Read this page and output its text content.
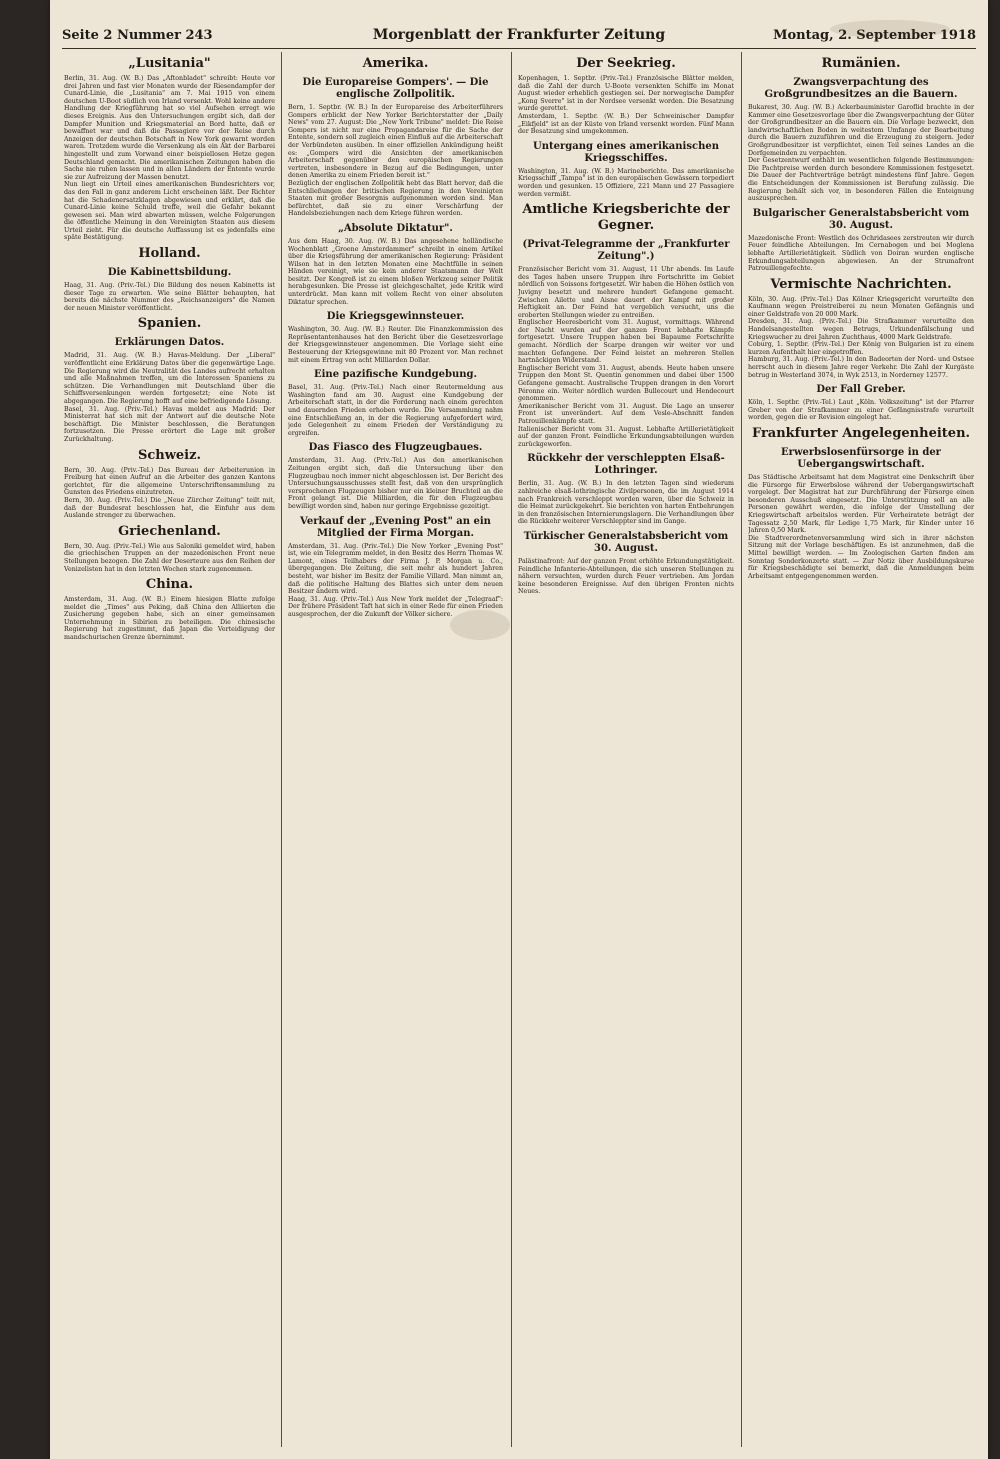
Seite 2 Nummer 243	Morgenblatt der Frankfurter Zeitung	Montag, 2. September 1918
„Lusitania"

Berlin, 31. Aug. (W. B.) Das „Aftonbladet" schreibt: Heute vor drei Jahren und fast vier Monaten wurde der Riesendampfer der Cunard-Linie, die „Lusitania" am 7. Mai 1915 von einem deutschen U-Boot südlich von Irland versenkt. Wohl keine andere Handlung der Kriegführung hat so viel Aufsehen erregt wie dieses Ereignis. Aus den Untersuchungen ergibt sich, daß der Dampfer Munition und Kriegsmaterial an Bord hatte, daß er bewaffnet war und daß die Passagiere vor der Reise durch Anzeigen der deutschen Botschaft in New York gewarnt worden waren. Trotzdem wurde die Versenkung als ein Akt der Barbarei hingestellt und zum Vorwand einer beispiellosen Hetze gegen Deutschland gemacht. Die amerikanischen Zeitungen haben die Sache nie ruhen lassen und in allen Ländern der Entente wurde sie zur Aufreizung der Massen benutzt.

Nun liegt ein Urteil eines amerikanischen Bundesrichters vor, das den Fall in ganz anderem Licht erscheinen läßt. Der Richter hat die Schadenersatzklagen abgewiesen und erklärt, daß die Cunard-Linie keine Schuld treffe, weil die Gefahr bekannt gewesen sei. Man wird abwarten müssen, welche Folgerungen die öffentliche Meinung in den Vereinigten Staaten aus diesem Urteil zieht. Für die deutsche Auffassung ist es jedenfalls eine späte Bestätigung.

Holland.
Die Kabinettsbildung.

Haag, 31. Aug. (Priv.-Tel.) Die Bildung des neuen Kabinetts ist dieser Tage zu erwarten. Wie seine Blätter behaupten, hat bereits die nächste Nummer des „Reichsanzeigers" die Namen der neuen Minister veröffentlicht.

Spanien.
Erklärungen Datos.

Madrid, 31. Aug. (W. B.) Havas-Meldung. Der „Liberal" veröffentlicht eine Erklärung Datos über die gegenwärtige Lage. Die Regierung wird die Neutralität des Landes aufrecht erhalten und alle Maßnahmen treffen, um die Interessen Spaniens zu schützen. Die Verhandlungen mit Deutschland über die Schiffsversenkungen werden fortgesetzt; eine Note ist abgegangen. Die Regierung hofft auf eine befriedigende Lösung.

Basel, 31. Aug. (Priv.-Tel.) Havas meldet aus Madrid: Der Ministerrat hat sich mit der Antwort auf die deutsche Note beschäftigt. Die Minister beschlossen, die Beratungen fortzusetzen. Die Presse erörtert die Lage mit großer Zurückhaltung.

Schweiz.

Bern, 30. Aug. (Priv.-Tel.) Das Bureau der Arbeiterunion in Freiburg hat einen Aufruf an die Arbeiter des ganzen Kantons gerichtet, für die allgemeine Unterschriftensammlung zu Gunsten des Friedens einzutreten.

Bern, 30. Aug. (Priv.-Tel.) Die „Neue Zürcher Zeitung" teilt mit, daß der Bundesrat beschlossen hat, die Einfuhr aus dem Auslande strenger zu überwachen.

Griechenland.

Bern, 30. Aug. (Priv.-Tel.) Wie aus Saloniki gemeldet wird, haben die griechischen Truppen an der mazedonischen Front neue Stellungen bezogen. Die Zahl der Deserteure aus den Reihen der Venizelisten hat in den letzten Wochen stark zugenommen.

China.

Amsterdam, 31. Aug. (W. B.) Einem hiesigen Blatte zufolge meldet die „Times" aus Peking, daß China den Alliierten die Zusicherung gegeben habe, sich an einer gemeinsamen Unternehmung in Sibirien zu beteiligen. Die chinesische Regierung hat zugestimmt, daß Japan die Verteidigung der mandschurischen Grenze übernimmt.

Amerika.
Die Europareise Gompers'. — Die englische Zollpolitik.

Bern, 1. Septbr. (W. B.) In der Europareise des Arbeiterführers Gompers erblickt der New Yorker Berichterstatter der „Daily News" vom 27. August: Die „New York Tribune" meldet: Die Reise Gompers ist nicht nur eine Propagandareise für die Sache der Entente, sondern soll zugleich einen Einfluß auf die Arbeiterschaft der Verbündeten ausüben. In einer offiziellen Ankündigung heißt es: „Gompers wird die Ansichten der amerikanischen Arbeiterschaft gegenüber den europäischen Regierungen vertreten, insbesondere in Bezug auf die Bedingungen, unter denen Amerika zu einem Frieden bereit ist."

Bezüglich der englischen Zollpolitik hebt das Blatt hervor, daß die Entschließungen der britischen Regierung in den Vereinigten Staaten mit großer Besorgnis aufgenommen worden sind. Man befürchtet, daß sie zu einer Verschärfung der Handelsbeziehungen nach dem Kriege führen werden.

„Absolute Diktatur".

Aus dem Haag, 30. Aug. (W. B.) Das angesehene holländische Wochenblatt „Groene Amsterdammer" schreibt in einem Artikel über die Kriegsführung der amerikanischen Regierung: Präsident Wilson hat in den letzten Monaten eine Machtfülle in seinen Händen vereinigt, wie sie kein anderer Staatsmann der Welt besitzt. Der Kongreß ist zu einem bloßen Werkzeug seiner Politik herabgesunken. Die Presse ist gleichgeschaltet, jede Kritik wird unterdrückt. Man kann mit vollem Recht von einer absoluten Diktatur sprechen.

Die Kriegsgewinnsteuer.

Washington, 30. Aug. (W. B.) Reuter. Die Finanzkommission des Repräsentantenhauses hat den Bericht über die Gesetzesvorlage der Kriegsgewinnsteuer angenommen. Die Vorlage sieht eine Besteuerung der Kriegsgewinne mit 80 Prozent vor. Man rechnet mit einem Ertrag von acht Milliarden Dollar.

Eine pazifische Kundgebung.

Basel, 31. Aug. (Priv.-Tel.) Nach einer Reutermeldung aus Washington fand am 30. August eine Kundgebung der Arbeiterschaft statt, in der die Forderung nach einem gerechten und dauernden Frieden erhoben wurde. Die Versammlung nahm eine Entschließung an, in der die Regierung aufgefordert wird, jede Gelegenheit zu einem Frieden der Verständigung zu ergreifen.

Das Fiasco des Flugzeugbaues.

Amsterdam, 31. Aug. (Priv.-Tel.) Aus den amerikanischen Zeitungen ergibt sich, daß die Untersuchung über den Flugzeugbau noch immer nicht abgeschlossen ist. Der Bericht des Untersuchungsausschusses stellt fest, daß von den ursprünglich versprochenen Flugzeugen bisher nur ein kleiner Bruchteil an die Front gelangt ist. Die Milliarden, die für den Flugzeugbau bewilligt worden sind, haben nur geringe Ergebnisse gezeitigt.

Verkauf der „Evening Post" an ein Mitglied der Firma Morgan.

Amsterdam, 31. Aug. (Priv.-Tel.) Die New Yorker „Evening Post" ist, wie ein Telegramm meldet, in den Besitz des Herrn Thomas W. Lamont, eines Teilhabers der Firma J. P. Morgan u. Co., übergegangen. Die Zeitung, die seit mehr als hundert Jahren besteht, war bisher im Besitz der Familie Villard. Man nimmt an, daß die politische Haltung des Blattes sich unter dem neuen Besitzer ändern wird.

Haag, 31. Aug. (Priv.-Tel.) Aus New York meldet der „Telegraaf": Der frühere Präsident Taft hat sich in einer Rede für einen Frieden ausgesprochen, der die Zukunft der Völker sichere.

Der Seekrieg.

Kopenhagen, 1. Septbr. (Priv.-Tel.) Französische Blätter melden, daß die Zahl der durch U-Boote versenkten Schiffe im Monat August wieder erheblich gestiegen sei. Der norwegische Dampfer „Kong Sverre" ist in der Nordsee versenkt worden. Die Besatzung wurde gerettet.

Amsterdam, 1. Septbr. (W. B.) Der Schweinischer Dampfer „Eikfjeld" ist an der Küste von Irland versenkt worden. Fünf Mann der Besatzung sind umgekommen.

Untergang eines amerikanischen Kriegsschiffes.

Washington, 31. Aug. (W. B.) Marineberichte. Das amerikanische Kriegsschiff „Tampa" ist in den europäischen Gewässern torpediert worden und gesunken. 15 Offiziere, 221 Mann und 27 Passagiere werden vermißt.

Amtliche Kriegsberichte der Gegner.
(Privat-Telegramme der „Frankfurter Zeitung".)

Französischer Bericht vom 31. August, 11 Uhr abends. Im Laufe des Tages haben unsere Truppen ihre Fortschritte im Gebiet nördlich von Soissons fortgesetzt. Wir haben die Höhen östlich von Juvigny besetzt und mehrere hundert Gefangene gemacht. Zwischen Ailette und Aisne dauert der Kampf mit großer Heftigkeit an. Der Feind hat vergeblich versucht, uns die eroberten Stellungen wieder zu entreißen.

Englischer Heeresbericht vom 31. August, vormittags. Während der Nacht wurden auf der ganzen Front lebhafte Kämpfe fortgesetzt. Unsere Truppen haben bei Bapaume Fortschritte gemacht. Nördlich der Scarpe drangen wir weiter vor und machten Gefangene. Der Feind leistet an mehreren Stellen hartnäckigen Widerstand.

Englischer Bericht vom 31. August, abends. Heute haben unsere Truppen den Mont St. Quentin genommen und dabei über 1500 Gefangene gemacht. Australische Truppen drangen in den Vorort Péronne ein. Weiter nördlich wurden Bullecourt und Hendecourt genommen.

Amerikanischer Bericht vom 31. August. Die Lage an unserer Front ist unverändert. Auf dem Vesle-Abschnitt fanden Patrouillenkämpfe statt.

Italienischer Bericht vom 31. August. Lebhafte Artillerietätigkeit auf der ganzen Front. Feindliche Erkundungsabteilungen wurden zurückgeworfen.

Rückkehr der verschleppten Elsaß-Lothringer.

Berlin, 31. Aug. (W. B.) In den letzten Tagen sind wiederum zahlreiche elsaß-lothringische Zivilpersonen, die im August 1914 nach Frankreich verschleppt worden waren, über die Schweiz in die Heimat zurückgekehrt. Sie berichten von harten Entbehrungen in den französischen Internierungslagern. Die Verhandlungen über die Rückkehr weiterer Verschleppter sind im Gange.

Türkischer Generalstabsbericht vom 30. August.

Palästinafront: Auf der ganzen Front erhöhte Erkundungstätigkeit. Feindliche Infanterie-Abteilungen, die sich unseren Stellungen zu nähern versuchten, wurden durch Feuer vertrieben. Am Jordan keine besonderen Ereignisse. Auf den übrigen Fronten nichts Neues.

Rumänien.
Zwangsverpachtung des Großgrundbesitzes an die Bauern.

Bukarest, 30. Aug. (W. B.) Ackerbauminister Garoflid brachte in der Kammer eine Gesetzesvorlage über die Zwangsverpachtung der Güter der Großgrundbesitzer an die Bauern ein. Die Vorlage bezweckt, den landwirtschaftlichen Boden in weitestem Umfange der Bearbeitung durch die Bauern zuzuführen und die Erzeugung zu steigern. Jeder Großgrundbesitzer ist verpflichtet, einen Teil seines Landes an die Dorfgemeinden zu verpachten.

Der Gesetzentwurf enthält im wesentlichen folgende Bestimmungen: Die Pachtpreise werden durch besondere Kommissionen festgesetzt. Die Dauer der Pachtverträge beträgt mindestens fünf Jahre. Gegen die Entscheidungen der Kommissionen ist Berufung zulässig. Die Regierung behält sich vor, in besonderen Fällen die Enteignung auszusprechen.

Bulgarischer Generalstabsbericht vom 30. August.

Mazedonische Front: Westlich des Ochridasees zerstreuten wir durch Feuer feindliche Abteilungen. Im Cernabogen und bei Moglena lebhafte Artillerietätigkeit. Südlich von Doiran wurden englische Erkundungsabteilungen abgewiesen. An der Strumafront Patrouillengefechte.

Vermischte Nachrichten.

Köln, 30. Aug. (Priv.-Tel.) Das Kölner Kriegsgericht verurteilte den Kaufmann wegen Preistreiberei zu neun Monaten Gefängnis und einer Geldstrafe von 20 000 Mark.

Dresden, 31. Aug. (Priv.-Tel.) Die Strafkammer verurteilte den Handelsangestellten wegen Betrugs, Urkundenfälschung und Kriegswucher zu drei Jahren Zuchthaus, 4000 Mark Geldstrafe.

Coburg, 1. Septbr. (Priv.-Tel.) Der König von Bulgarien ist zu einem kurzen Aufenthalt hier eingetroffen.

Hamburg, 31. Aug. (Priv.-Tel.) In den Badeorten der Nord- und Ostsee herrscht auch in diesem Jahre reger Verkehr. Die Zahl der Kurgäste betrug in Westerland 3074, in Wyk 2513, in Norderney 12577.

Der Fall Greber.

Köln, 1. Septbr. (Priv.-Tel.) Laut „Köln. Volkszeitung" ist der Pfarrer Greber von der Strafkammer zu einer Gefängnisstrafe verurteilt worden, gegen die er Revision eingelegt hat.

Frankfurter Angelegenheiten.
Erwerbslosenfürsorge in der Uebergangswirtschaft.

Das Städtische Arbeitsamt hat dem Magistrat eine Denkschrift über die Fürsorge für Erwerbslose während der Uebergangswirtschaft vorgelegt. Der Magistrat hat zur Durchführung der Fürsorge einen besonderen Ausschuß eingesetzt. Die Unterstützung soll an alle Personen gewährt werden, die infolge der Umstellung der Kriegswirtschaft arbeitslos werden. Für Verheiratete beträgt der Tagessatz 2,50 Mark, für Ledige 1,75 Mark, für Kinder unter 16 Jahren 0,50 Mark.

Die Stadtverordnetenversammlung wird sich in ihrer nächsten Sitzung mit der Vorlage beschäftigen. Es ist anzunehmen, daß die Mittel bewilligt werden. — Im Zoologischen Garten finden am Sonntag Sonderkonzerte statt. — Zur Notiz über Ausbildungskurse für Kriegsbeschädigte sei bemerkt, daß die Anmeldungen beim Arbeitsamt entgegengenommen werden.
